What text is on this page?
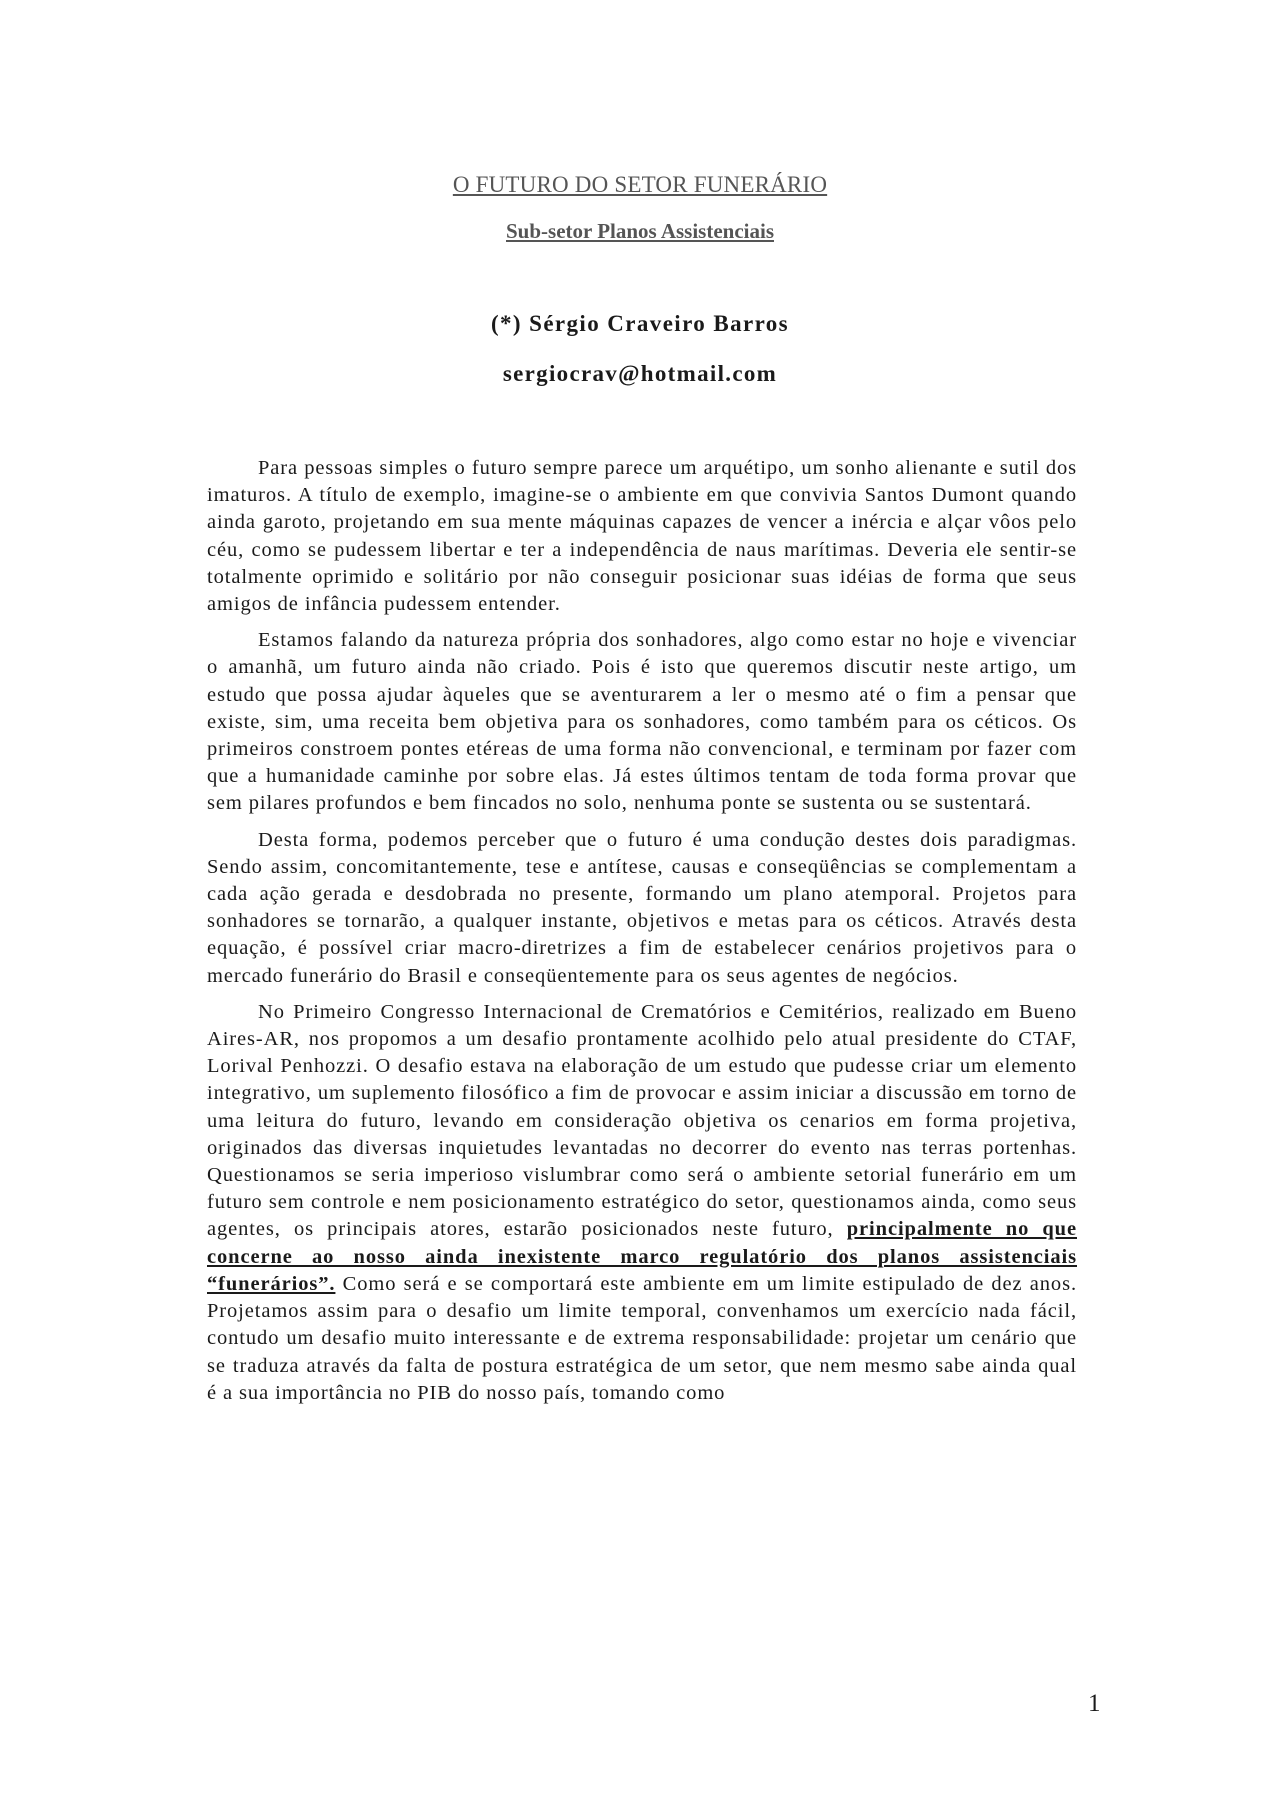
O FUTURO DO SETOR FUNERÁRIO
Sub-setor Planos Assistenciais
(*) Sérgio Craveiro Barros
sergiocrav@hotmail.com

Para pessoas simples o futuro sempre parece um arquétipo, um sonho alienante e sutil dos imaturos. A título de exemplo, imagine-se o ambiente em que convivia Santos Dumont quando ainda garoto, projetando em sua mente máquinas capazes de vencer a inércia e alçar vôos pelo céu, como se pudessem libertar e ter a independência de naus marítimas. Deveria ele sentir-se totalmente oprimido e solitário por não conseguir posicionar suas idéias de forma que seus amigos de infância pudessem entender.

Estamos falando da natureza própria dos sonhadores, algo como estar no hoje e vivenciar o amanhã, um futuro ainda não criado. Pois é isto que queremos discutir neste artigo, um estudo que possa ajudar àqueles que se aventurarem a ler o mesmo até o fim a pensar que existe, sim, uma receita bem objetiva para os sonhadores, como também para os céticos. Os primeiros constroem pontes etéreas de uma forma não convencional, e terminam por fazer com que a humanidade caminhe por sobre elas. Já estes últimos tentam de toda forma provar que sem pilares profundos e bem fincados no solo, nenhuma ponte se sustenta ou se sustentará.

Desta forma, podemos perceber que o futuro é uma condução destes dois paradigmas. Sendo assim, concomitantemente, tese e antítese, causas e conseqüências se complementam a cada ação gerada e desdobrada no presente, formando um plano atemporal. Projetos para sonhadores se tornarão, a qualquer instante, objetivos e metas para os céticos. Através desta equação, é possível criar macro-diretrizes a fim de estabelecer cenários projetivos para o mercado funerário do Brasil e conseqüentemente para os seus agentes de negócios.

No Primeiro Congresso Internacional de Crematórios e Cemitérios, realizado em Bueno Aires-AR, nos propomos a um desafio prontamente acolhido pelo atual presidente do CTAF, Lorival Penhozzi. O desafio estava na elaboração de um estudo que pudesse criar um elemento integrativo, um suplemento filosófico a fim de provocar e assim iniciar a discussão em torno de uma leitura do futuro, levando em consideração objetiva os cenarios em forma projetiva, originados das diversas inquietudes levantadas no decorrer do evento nas terras portenhas. Questionamos se seria imperioso vislumbrar como será o ambiente setorial funerário em um futuro sem controle e nem posicionamento estratégico do setor, questionamos ainda, como seus agentes, os principais atores, estarão posicionados neste futuro, principalmente no que concerne ao nosso ainda inexistente marco regulatório dos planos assistenciais “funerários”. Como será e se comportará este ambiente em um limite estipulado de dez anos. Projetamos assim para o desafio um limite temporal, convenhamos um exercício nada fácil, contudo um desafio muito interessante e de extrema responsabilidade: projetar um cenário que se traduza através da falta de postura estratégica de um setor, que nem mesmo sabe ainda qual é a sua importância no PIB do nosso país, tomando como

1
